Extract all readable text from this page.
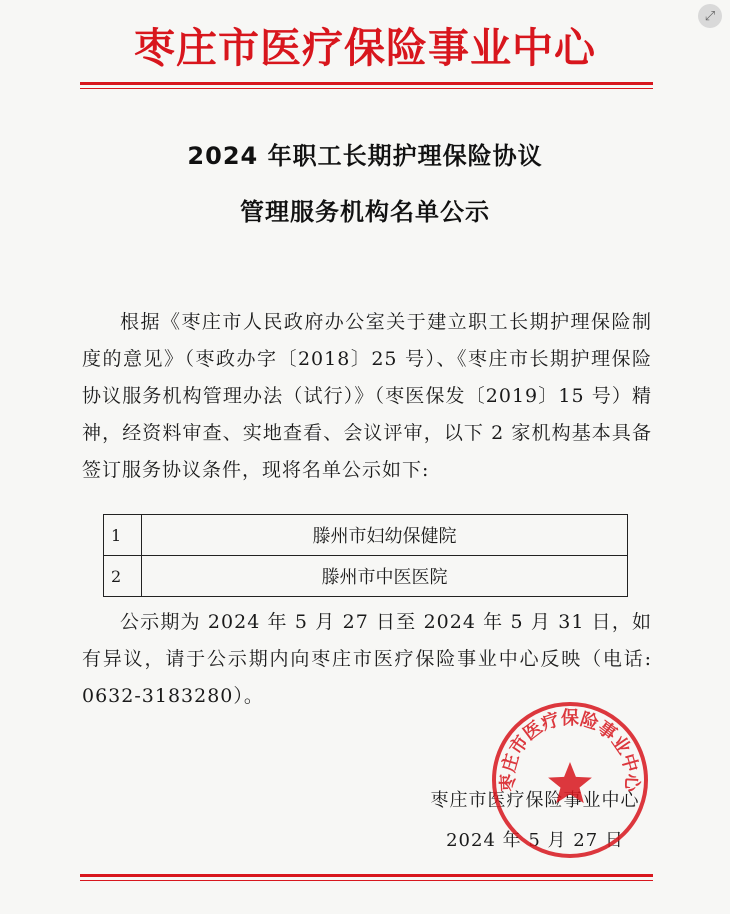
⤢
枣庄市医疗保险事业中心
2024 年职工长期护理保险协议
管理服务机构名单公示

根据《枣庄市人民政府办公室关于建立职工长期护理保险制度的意见》（枣政办字〔2018〕25 号）、《枣庄市长期护理保险协议服务机构管理办法（试行）》（枣医保发〔2019〕15 号）精神，经资料审查、实地查看、会议评审，以下 2 家机构基本具备签订服务协议条件，现将名单公示如下:

1	滕州市妇幼保健院
2	滕州市中医医院

公示期为 2024 年 5 月 27 日至 2024 年 5 月 31 日，如有异议，请于公示期内向枣庄市医疗保险事业中心反映（电话: 0632-3183280）。

枣庄市医疗保险事业中心
2024 年 5 月 27 日
枣庄市医疗保险事业中心
